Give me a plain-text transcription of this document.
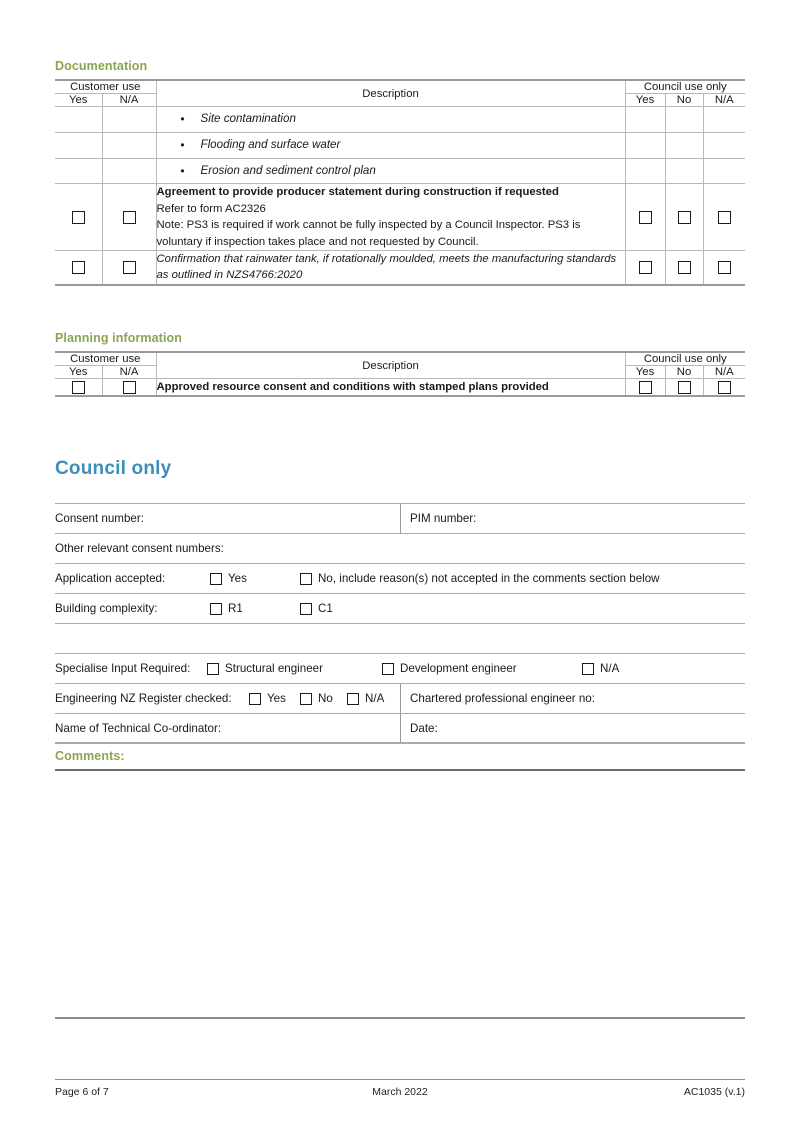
Documentation
Customer use		Description	Council use only		
Yes	N/A		Yes	No	N/A

		• Site contamination			

		• Flooding and surface water			

		• Erosion and sediment control plan			

		Agreement to provide producer statement during construction if requested
Refer to form AC2326
Note: PS3 is required if work cannot be fully inspected by a Council Inspector. PS3 is voluntary if inspection takes place and not requested by Council.			

		Confirmation that rainwater tank, if rotationally moulded, meets the manufacturing standards as outlined in NZS4766:2020			

Planning information
Customer use		Description	Council use only		
Yes	N/A		Yes	No	N/A

		Approved resource consent and conditions with stamped plans provided			

Council only
Consent number:	PIM number:
Other relevant consent numbers:
Application accepted:	Yes	No, include reason(s) not accepted in the comments section below
Building complexity:	R1	C1
Specialise Input Required:	Structural engineer	Development engineer	N/A
Engineering NZ Register checked:	Yes	No	N/A Chartered professional engineer no:
Name of Technical Co-ordinator:	Date:
Comments:
Page 6 of 7	March 2022	AC1035 (v.1)
